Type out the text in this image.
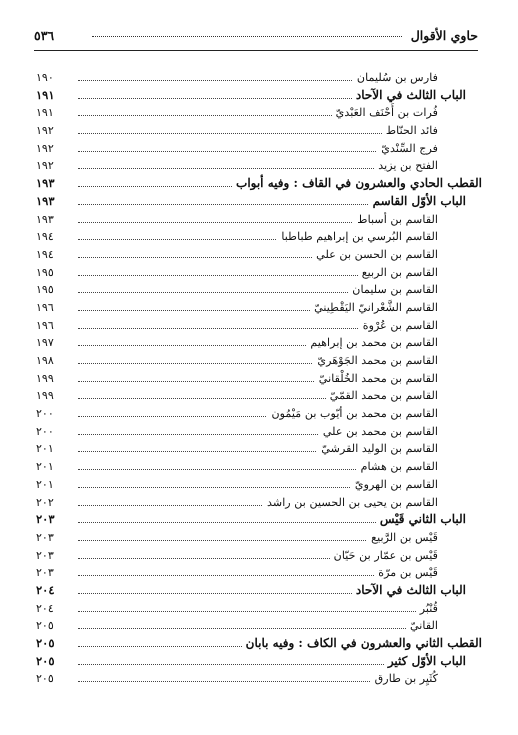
حاوي الأقوال
٥٣٦
فارس بن سُليمان
١٩٠
الباب الثالث في الآحاد
١٩١
فُرات بن أَحْنَف العَبْديّ
١٩١
فائد الحنّاط
١٩٢
فرج السِّنْديّ
١٩٢
الفتح بن يزيد
١٩٢
القطب الحادي والعشرون في القاف : وفيه أبواب
١٩٣
الباب الأوّل القاسم
١٩٣
القاسم بن أسباط
١٩٣
القاسم البُرسي بن إبراهيم طباطبا
١٩٤
القاسم بن الحسن بن علي
١٩٤
القاسم بن الربيع
١٩٥
القاسم بن سليمان
١٩٥
القاسم الشَّعْرانيّ اليَقْطِينيّ
١٩٦
القاسم بن عُرْوة
١٩٦
القاسم بن محمد بن إبراهيم
١٩٧
القاسم بن محمد الجَوْهَريّ
١٩٨
القاسم بن محمد الخُلْقانيّ
١٩٩
القاسم بن محمد القمّيّ
١٩٩
القاسم بن محمد بن أيّوب بن مَيْمُون
٢٠٠
القاسم بن محمد بن علي
٢٠٠
القاسم بن الوليد القرشيّ
٢٠١
القاسم بن هشام
٢٠١
القاسم بن الهرويّ
٢٠١
القاسم بن يحيى بن الحسين بن راشد
٢٠٢
الباب الثاني قَيْس
٢٠٣
قَيْس بن الرَّبيع
٢٠٣
قَيْس بن عمّار بن حَيّان
٢٠٣
قَيْس بن مرّة
٢٠٣
الباب الثالث في الآحاد
٢٠٤
قُنْبُر
٢٠٤
القانيّ
٢٠٥
القطب الثاني والعشرون في الكاف : وفيه بابان
٢٠٥
الباب الأوّل كثير
٢٠٥
كُثَيِر بن طارق
٢٠٥
